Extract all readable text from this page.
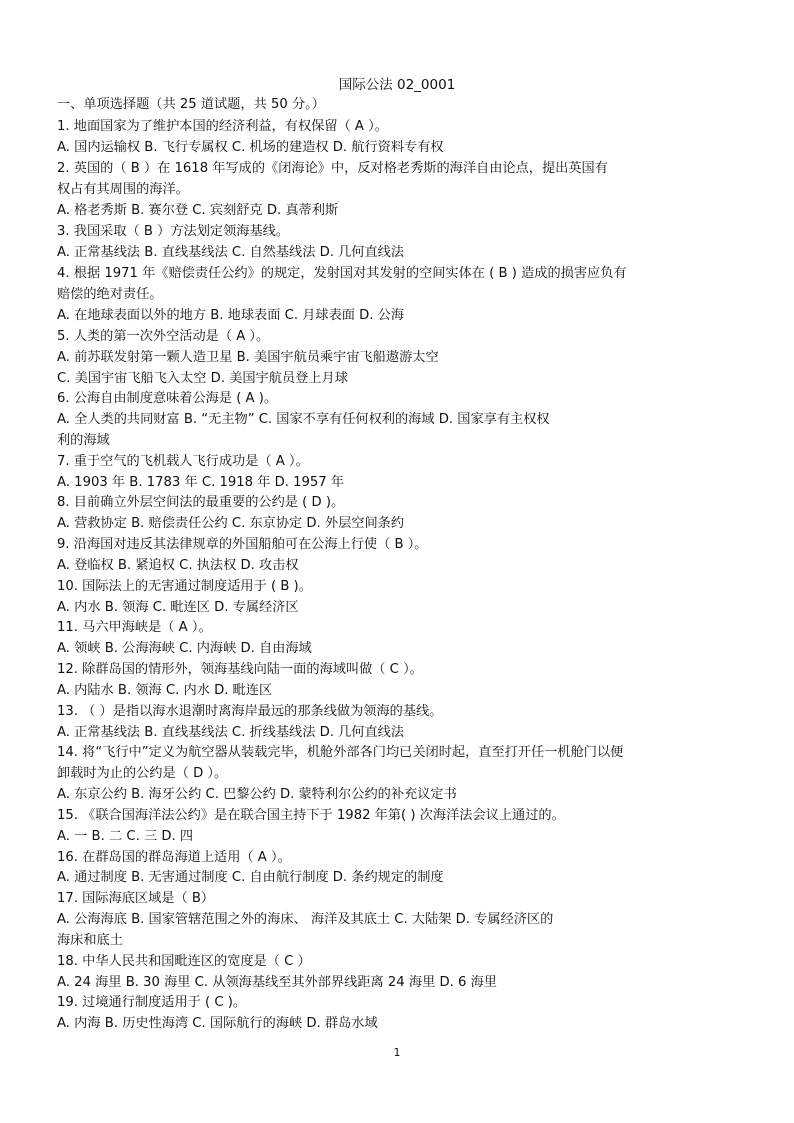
国际公法 02_0001
一、单项选择题（共 25 道试题，共 50 分。）
1. 地面国家为了维护本国的经济利益，有权保留（ A ）。
A. 国内运输权 B. 飞行专属权 C. 机场的建造权 D. 航行资料专有权
2. 英国的（ B ）在 1618 年写成的《闭海论》中，反对格老秀斯的海洋自由论点，提出英国有
权占有其周围的海洋。
A. 格老秀斯 B. 赛尔登 C. 宾刻舒克 D. 真蒂利斯
3. 我国采取（ B ）方法划定领海基线。
A. 正常基线法 B. 直线基线法 C. 自然基线法 D. 几何直线法
4. 根据 1971 年《赔偿责任公约》的规定，发射国对其发射的空间实体在 ( B ) 造成的损害应负有
赔偿的绝对责任。
A. 在地球表面以外的地方 B. 地球表面 C. 月球表面 D. 公海
5. 人类的第一次外空活动是（ A ）。
A. 前苏联发射第一颗人造卫星 B. 美国宇航员乘宇宙飞船遨游太空
C. 美国宇宙飞船飞入太空 D. 美国宇航员登上月球
6. 公海自由制度意味着公海是 ( A )。
A. 全人类的共同财富 B. “无主物” C. 国家不享有任何权利的海域 D. 国家享有主权权
利的海域
7. 重于空气的飞机载人飞行成功是（ A ）。
A. 1903 年 B. 1783 年 C. 1918 年 D. 1957 年
8. 目前确立外层空间法的最重要的公约是 ( D )。
A. 营救协定 B. 赔偿责任公约 C. 东京协定 D. 外层空间条约
9. 沿海国对违反其法律规章的外国船舶可在公海上行使（ B ）。
A. 登临权 B. 紧追权 C. 执法权 D. 攻击权
10. 国际法上的无害通过制度适用于 ( B )。
A. 内水 B. 领海 C. 毗连区 D. 专属经济区
11. 马六甲海峡是（ A ）。
A. 领峡 B. 公海海峡 C. 内海峡 D. 自由海域
12. 除群岛国的情形外，领海基线向陆一面的海域叫做（ C ）。
A. 内陆水 B. 领海 C. 内水 D. 毗连区
13. （ ）是指以海水退潮时离海岸最远的那条线做为领海的基线。
A. 正常基线法 B. 直线基线法 C. 折线基线法 D. 几何直线法
14. 将“飞行中”定义为航空器从装载完毕，机舱外部各门均已关闭时起，直至打开任一机舱门以便
卸载时为止的公约是（ D ）。
A. 东京公约 B. 海牙公约 C. 巴黎公约 D. 蒙特利尔公约的补充议定书
15. 《联合国海洋法公约》是在联合国主持下于 1982 年第( ) 次海洋法会议上通过的。
A. 一 B. 二 C. 三 D. 四
16. 在群岛国的群岛海道上适用（ A ）。
A. 通过制度 B. 无害通过制度 C. 自由航行制度 D. 条约规定的制度
17. 国际海底区域是（ B）
A. 公海海底 B. 国家管辖范围之外的海床、 海洋及其底土 C. 大陆架 D. 专属经济区的
海床和底土
18. 中华人民共和国毗连区的宽度是（ C ）
A. 24 海里 B. 30 海里 C. 从领海基线至其外部界线距离 24 海里 D. 6 海里
19. 过境通行制度适用于 ( C )。
A. 内海 B. 历史性海湾 C. 国际航行的海峡 D. 群岛水域
1
